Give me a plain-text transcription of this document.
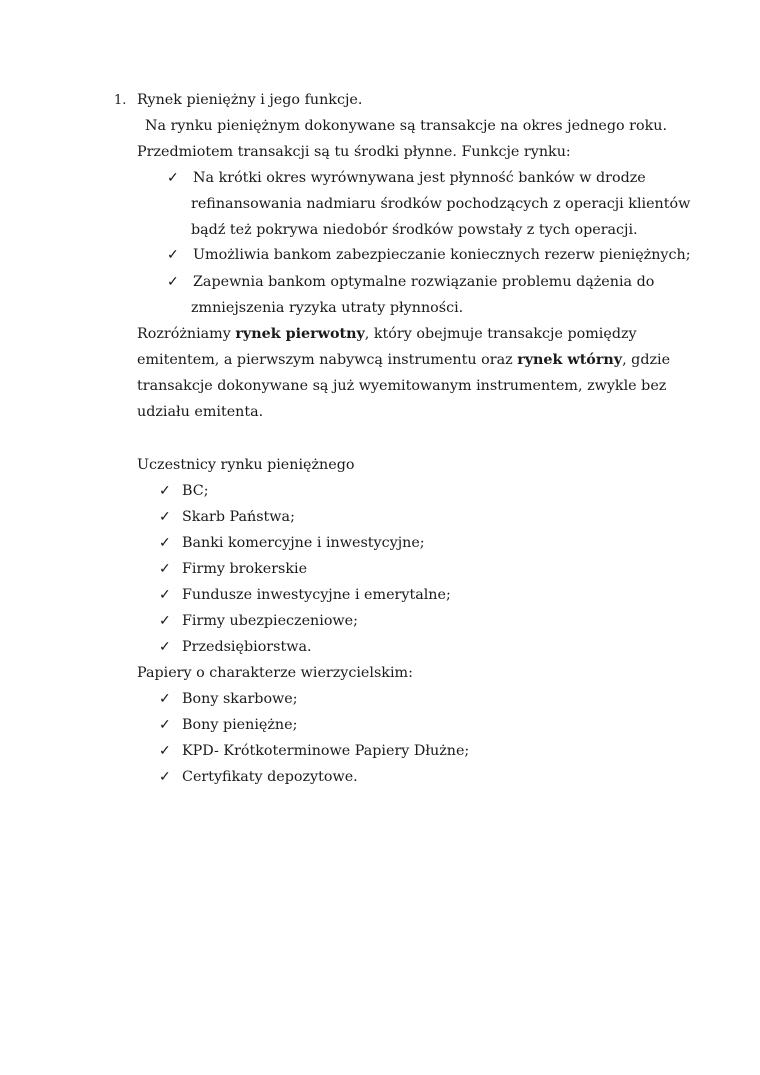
1. Rynek pieniężny i jego funkcje.
Na rynku pieniężnym dokonywane są transakcje na okres jednego roku.
Przedmiotem transakcji są tu środki płynne. Funkcje rynku:
✓ Na krótki okres wyrównywana jest płynność banków w drodze
refinansowania nadmiaru środków pochodzących z operacji klientów
bądź też pokrywa niedobór środków powstały z tych operacji.
✓ Umożliwia bankom zabezpieczanie koniecznych rezerw pieniężnych;
✓ Zapewnia bankom optymalne rozwiązanie problemu dążenia do
zmniejszenia ryzyka utraty płynności.
Rozróżniamy rynek pierwotny, który obejmuje transakcje pomiędzy
emitentem, a pierwszym nabywcą instrumentu oraz rynek wtórny, gdzie
transakcje dokonywane są już wyemitowanym instrumentem, zwykle bez
udziału emitenta.
Uczestnicy rynku pieniężnego
✓ BC;
✓ Skarb Państwa;
✓ Banki komercyjne i inwestycyjne;
✓ Firmy brokerskie
✓ Fundusze inwestycyjne i emerytalne;
✓ Firmy ubezpieczeniowe;
✓ Przedsiębiorstwa.
Papiery o charakterze wierzycielskim:
✓ Bony skarbowe;
✓ Bony pieniężne;
✓ KPD- Krótkoterminowe Papiery Dłużne;
✓ Certyfikaty depozytowe.
